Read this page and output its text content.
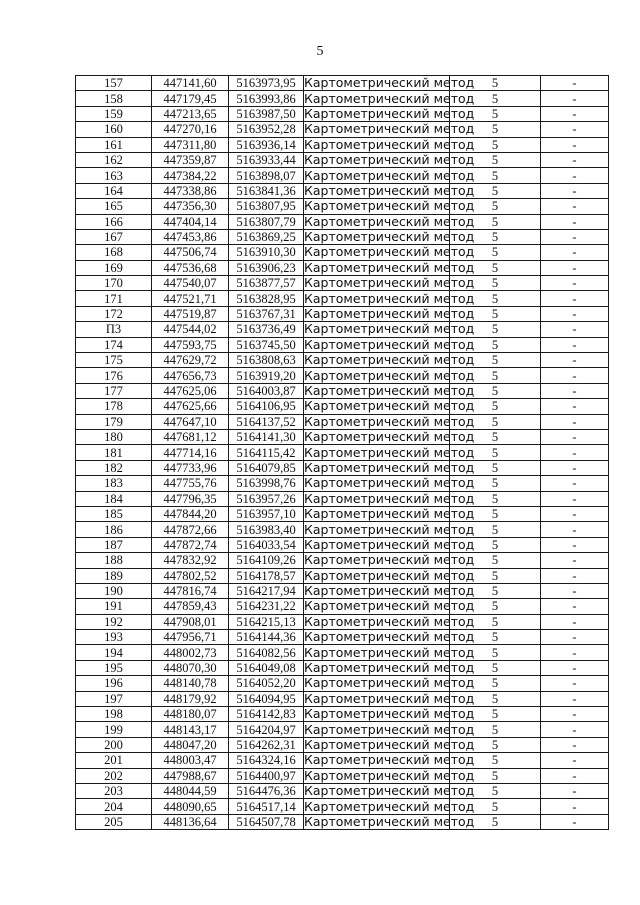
5
157	447141,60	5163973,95	Картометрический метод	5	-
158	447179,45	5163993,86	Картометрический метод	5	-
159	447213,65	5163987,50	Картометрический метод	5	-
160	447270,16	5163952,28	Картометрический метод	5	-
161	447311,80	5163936,14	Картометрический метод	5	-
162	447359,87	5163933,44	Картометрический метод	5	-
163	447384,22	5163898,07	Картометрический метод	5	-
164	447338,86	5163841,36	Картометрический метод	5	-
165	447356,30	5163807,95	Картометрический метод	5	-
166	447404,14	5163807,79	Картометрический метод	5	-
167	447453,86	5163869,25	Картометрический метод	5	-
168	447506,74	5163910,30	Картометрический метод	5	-
169	447536,68	5163906,23	Картометрический метод	5	-
170	447540,07	5163877,57	Картометрический метод	5	-
171	447521,71	5163828,95	Картометрический метод	5	-
172	447519,87	5163767,31	Картометрический метод	5	-
П3	447544,02	5163736,49	Картометрический метод	5	-
174	447593,75	5163745,50	Картометрический метод	5	-
175	447629,72	5163808,63	Картометрический метод	5	-
176	447656,73	5163919,20	Картометрический метод	5	-
177	447625,06	5164003,87	Картометрический метод	5	-
178	447625,66	5164106,95	Картометрический метод	5	-
179	447647,10	5164137,52	Картометрический метод	5	-
180	447681,12	5164141,30	Картометрический метод	5	-
181	447714,16	5164115,42	Картометрический метод	5	-
182	447733,96	5164079,85	Картометрический метод	5	-
183	447755,76	5163998,76	Картометрический метод	5	-
184	447796,35	5163957,26	Картометрический метод	5	-
185	447844,20	5163957,10	Картометрический метод	5	-
186	447872,66	5163983,40	Картометрический метод	5	-
187	447872,74	5164033,54	Картометрический метод	5	-
188	447832,92	5164109,26	Картометрический метод	5	-
189	447802,52	5164178,57	Картометрический метод	5	-
190	447816,74	5164217,94	Картометрический метод	5	-
191	447859,43	5164231,22	Картометрический метод	5	-
192	447908,01	5164215,13	Картометрический метод	5	-
193	447956,71	5164144,36	Картометрический метод	5	-
194	448002,73	5164082,56	Картометрический метод	5	-
195	448070,30	5164049,08	Картометрический метод	5	-
196	448140,78	5164052,20	Картометрический метод	5	-
197	448179,92	5164094,95	Картометрический метод	5	-
198	448180,07	5164142,83	Картометрический метод	5	-
199	448143,17	5164204,97	Картометрический метод	5	-
200	448047,20	5164262,31	Картометрический метод	5	-
201	448003,47	5164324,16	Картометрический метод	5	-
202	447988,67	5164400,97	Картометрический метод	5	-
203	448044,59	5164476,36	Картометрический метод	5	-
204	448090,65	5164517,14	Картометрический метод	5	-
205	448136,64	5164507,78	Картометрический метод	5	-
